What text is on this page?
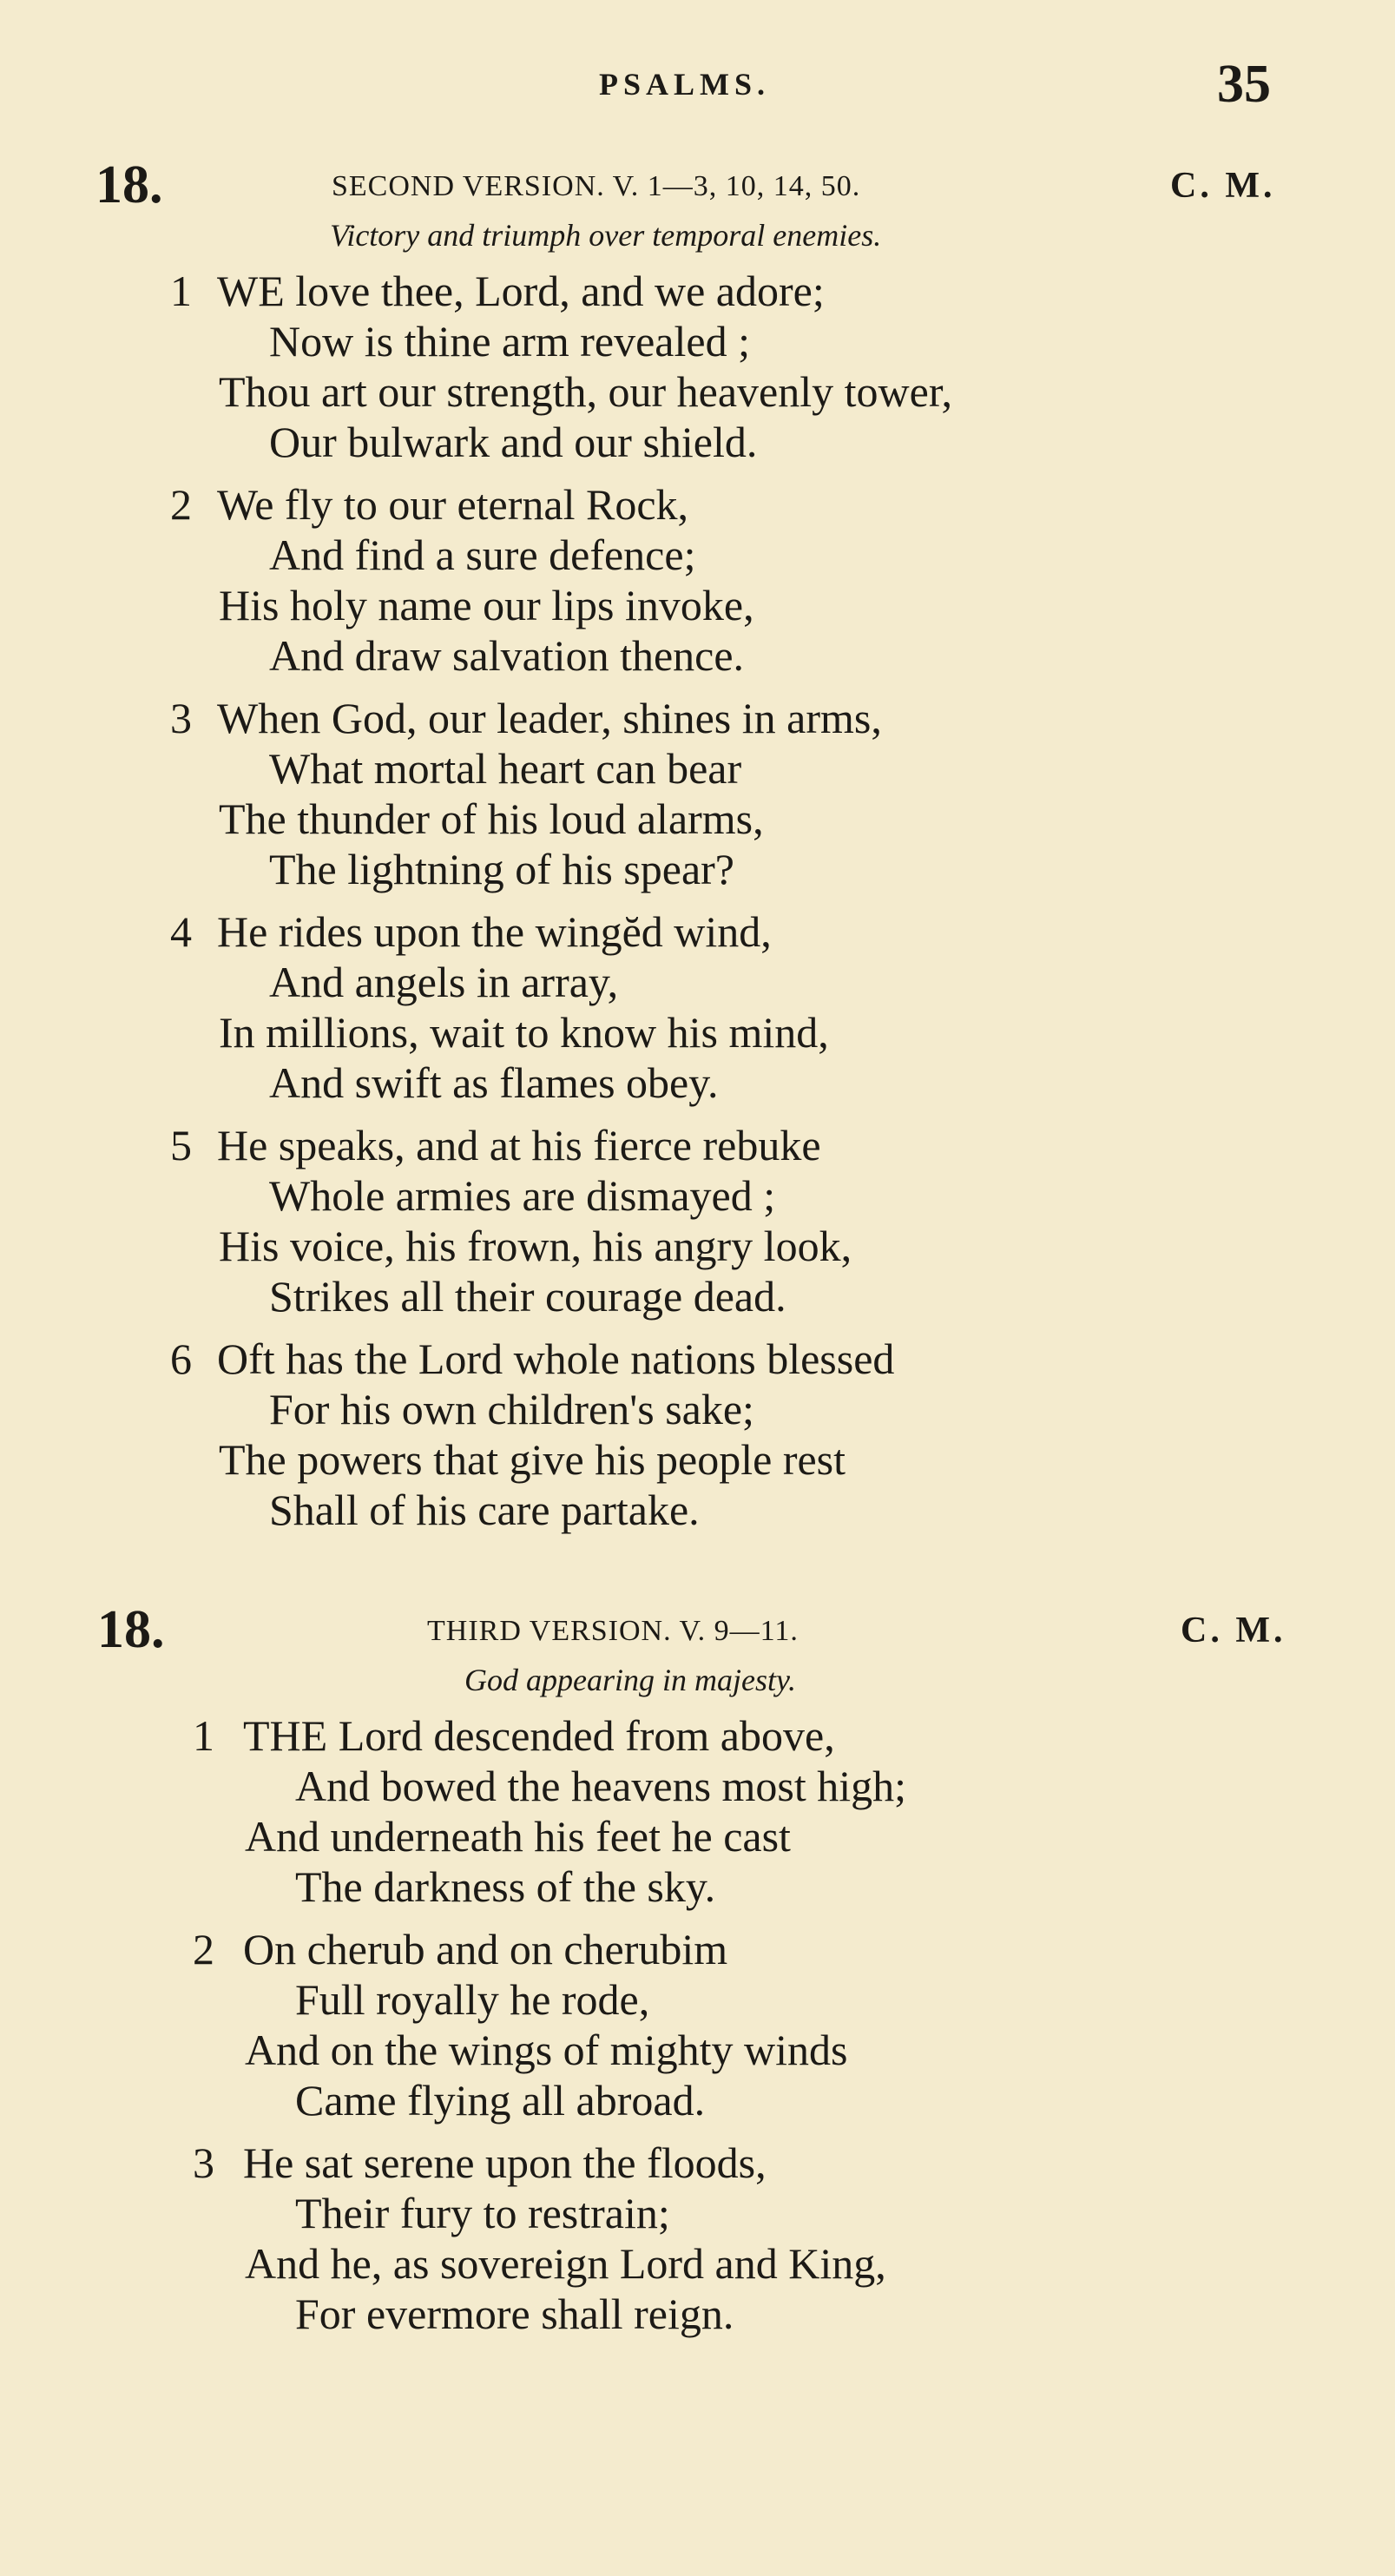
PSALMS.	35
18.	SECOND VERSION. V. 1—3, 10, 14, 50.	C. M.
Victory and triumph over temporal enemies.
1 WE love thee, Lord, and we adore;
Now is thine arm revealed ;
Thou art our strength, our heavenly tower,
Our bulwark and our shield.
2 We fly to our eternal Rock,
And find a sure defence;
His holy name our lips invoke,
And draw salvation thence.
3 When God, our leader, shines in arms,
What mortal heart can bear
The thunder of his loud alarms,
The lightning of his spear?
4 He rides upon the wingĕd wind,
And angels in array,
In millions, wait to know his mind,
And swift as flames obey.
5 He speaks, and at his fierce rebuke
Whole armies are dismayed ;
His voice, his frown, his angry look,
Strikes all their courage dead.
6 Oft has the Lord whole nations blessed
For his own children's sake;
The powers that give his people rest
Shall of his care partake.
18.	THIRD VERSION. V. 9—11.	C. M.
God appearing in majesty.
1 THE Lord descended from above,
And bowed the heavens most high;
And underneath his feet he cast
The darkness of the sky.
2 On cherub and on cherubim
Full royally he rode,
And on the wings of mighty winds
Came flying all abroad.
3 He sat serene upon the floods,
Their fury to restrain;
And he, as sovereign Lord and King,
For evermore shall reign.
